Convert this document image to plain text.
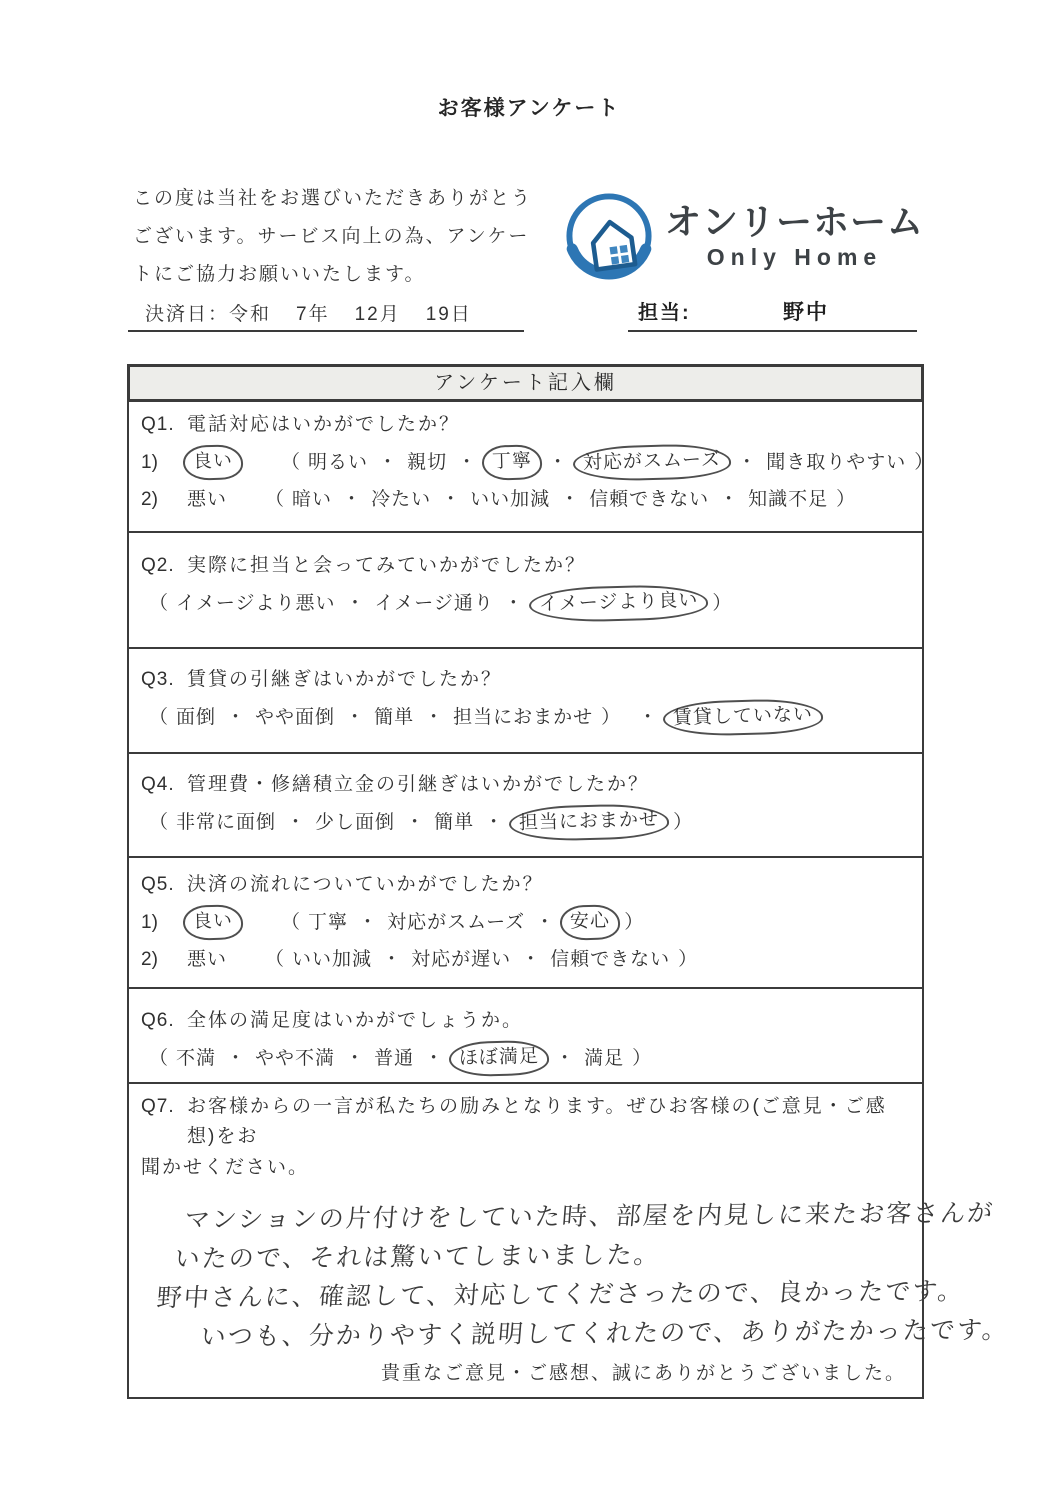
お客様アンケート
この度は当社をお選びいただきありがとう
ございます。サービス向上の為、アンケー
トにご協力お願いいたします。
オンリーホーム
Only Home
決済日：令和 7年 12月 19日	担当:	野中
アンケート記入欄
Q1. 電話対応はいかがでしたか？
1)	良い	（ 明るい ・ 親切 ・ 丁寧 ・ 対応がスムーズ ・ 聞き取りやすい ）
2)	悪い （ 暗い ・ 冷たい ・ いい加減 ・ 信頼できない ・ 知識不足 ）
Q2. 実際に担当と会ってみていかがでしたか？
（ イメージより悪い ・ イメージ通り ・ イメージより良い ）
Q3. 賃貸の引継ぎはいかがでしたか？
（ 面倒 ・ やや面倒 ・ 簡単 ・ 担当におまかせ ） ・ 賃貸していない
Q4. 管理費・修繕積立金の引継ぎはいかがでしたか？
（ 非常に面倒 ・ 少し面倒 ・ 簡単 ・ 担当におまかせ ）
Q5. 決済の流れについていかがでしたか？
1)	良い	（ 丁寧 ・ 対応がスムーズ ・ 安心 ）
2)	悪い （ いい加減 ・ 対応が遅い ・ 信頼できない ）
Q6. 全体の満足度はいかがでしょうか。
（ 不満 ・ やや不満 ・ 普通 ・ ほぼ満足 ・ 満足 ）
Q7. お客様からの一言が私たちの励みとなります。ぜひお客様の(ご意見・ご感想)をお
聞かせください。
マンションの片付けをしていた時、部屋を内見しに来たお客さんが
いたので、それは驚いてしまいました。
野中さんに、確認して、対応してくださったので、良かったです。
いつも、分かりやすく説明してくれたので、ありがたかったです。
貴重なご意見・ご感想、誠にありがとうございました。
